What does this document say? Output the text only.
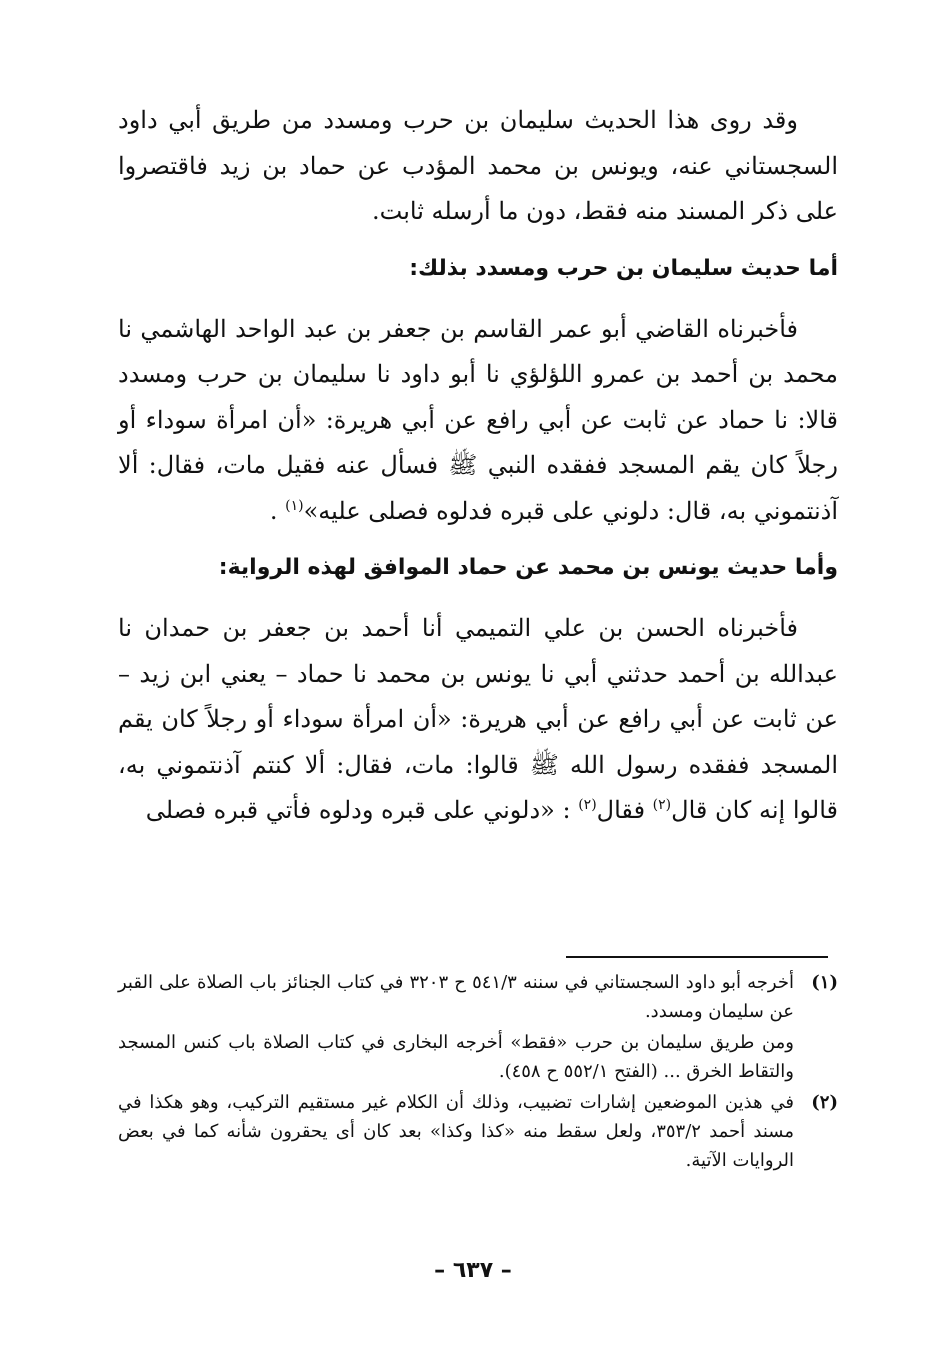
وقد روى هذا الحديث سليمان بن حرب ومسدد من طريق أبي داود السجستاني عنه، ويونس بن محمد المؤدب عن حماد بن زيد فاقتصروا على ذكر المسند منه فقط، دون ما أرسله ثابت.

أما حديث سليمان بن حرب ومسدد بذلك:

فأخبرناه القاضي أبو عمر القاسم بن جعفر بن عبد الواحد الهاشمي نا محمد بن أحمد بن عمرو اللؤلؤي نا أبو داود نا سليمان بن حرب ومسدد قالا: نا حماد عن ثابت عن أبي رافع عن أبي هريرة: «أن امرأة سوداء أو رجلاً كان يقم المسجد ففقده النبي ﷺ فسأل عنه فقيل مات، فقال: ألا آذنتموني به، قال: دلوني على قبره فدلوه فصلى عليه»$^{(١)}$ .

وأما حديث يونس بن محمد عن حماد الموافق لهذه الرواية:

فأخبرناه الحسن بن علي التميمي أنا أحمد بن جعفر بن حمدان نا عبدالله بن أحمد حدثني أبي نا يونس بن محمد نا حماد – يعني ابن زيد – عن ثابت عن أبي رافع عن أبي هريرة: «أن امرأة سوداء أو رجلاً كان يقم المسجد ففقده رسول الله ﷺ قالوا: مات، فقال: ألا كنتم آذنتموني به، قالوا إنه كان قال$^{(٢)}$ فقال$^{(٢)}$ : «دلوني على قبره ودلوه فأتي قبره فصلى

(١)
أخرجه أبو داود السجستاني في سننه ٥٤١/٣ ح ٣٢٠٣ في كتاب الجنائز باب الصلاة على القبر عن سليمان ومسدد.
ومن طريق سليمان بن حرب «فقط» أخرجه البخارى في كتاب الصلاة باب كنس المسجد والتقاط الخرق ... (الفتح ٥٥٢/١ ح ٤٥٨).
(٢)
في هذين الموضعين إشارات تضبيب، وذلك أن الكلام غير مستقيم التركيب، وهو هكذا في مسند أحمد ٣٥٣/٢، ولعل سقط منه «كذا وكذا» بعد كان أى يحقرون شأنه كما في بعض الروايات الآتية.
– ٦٣٧ –
